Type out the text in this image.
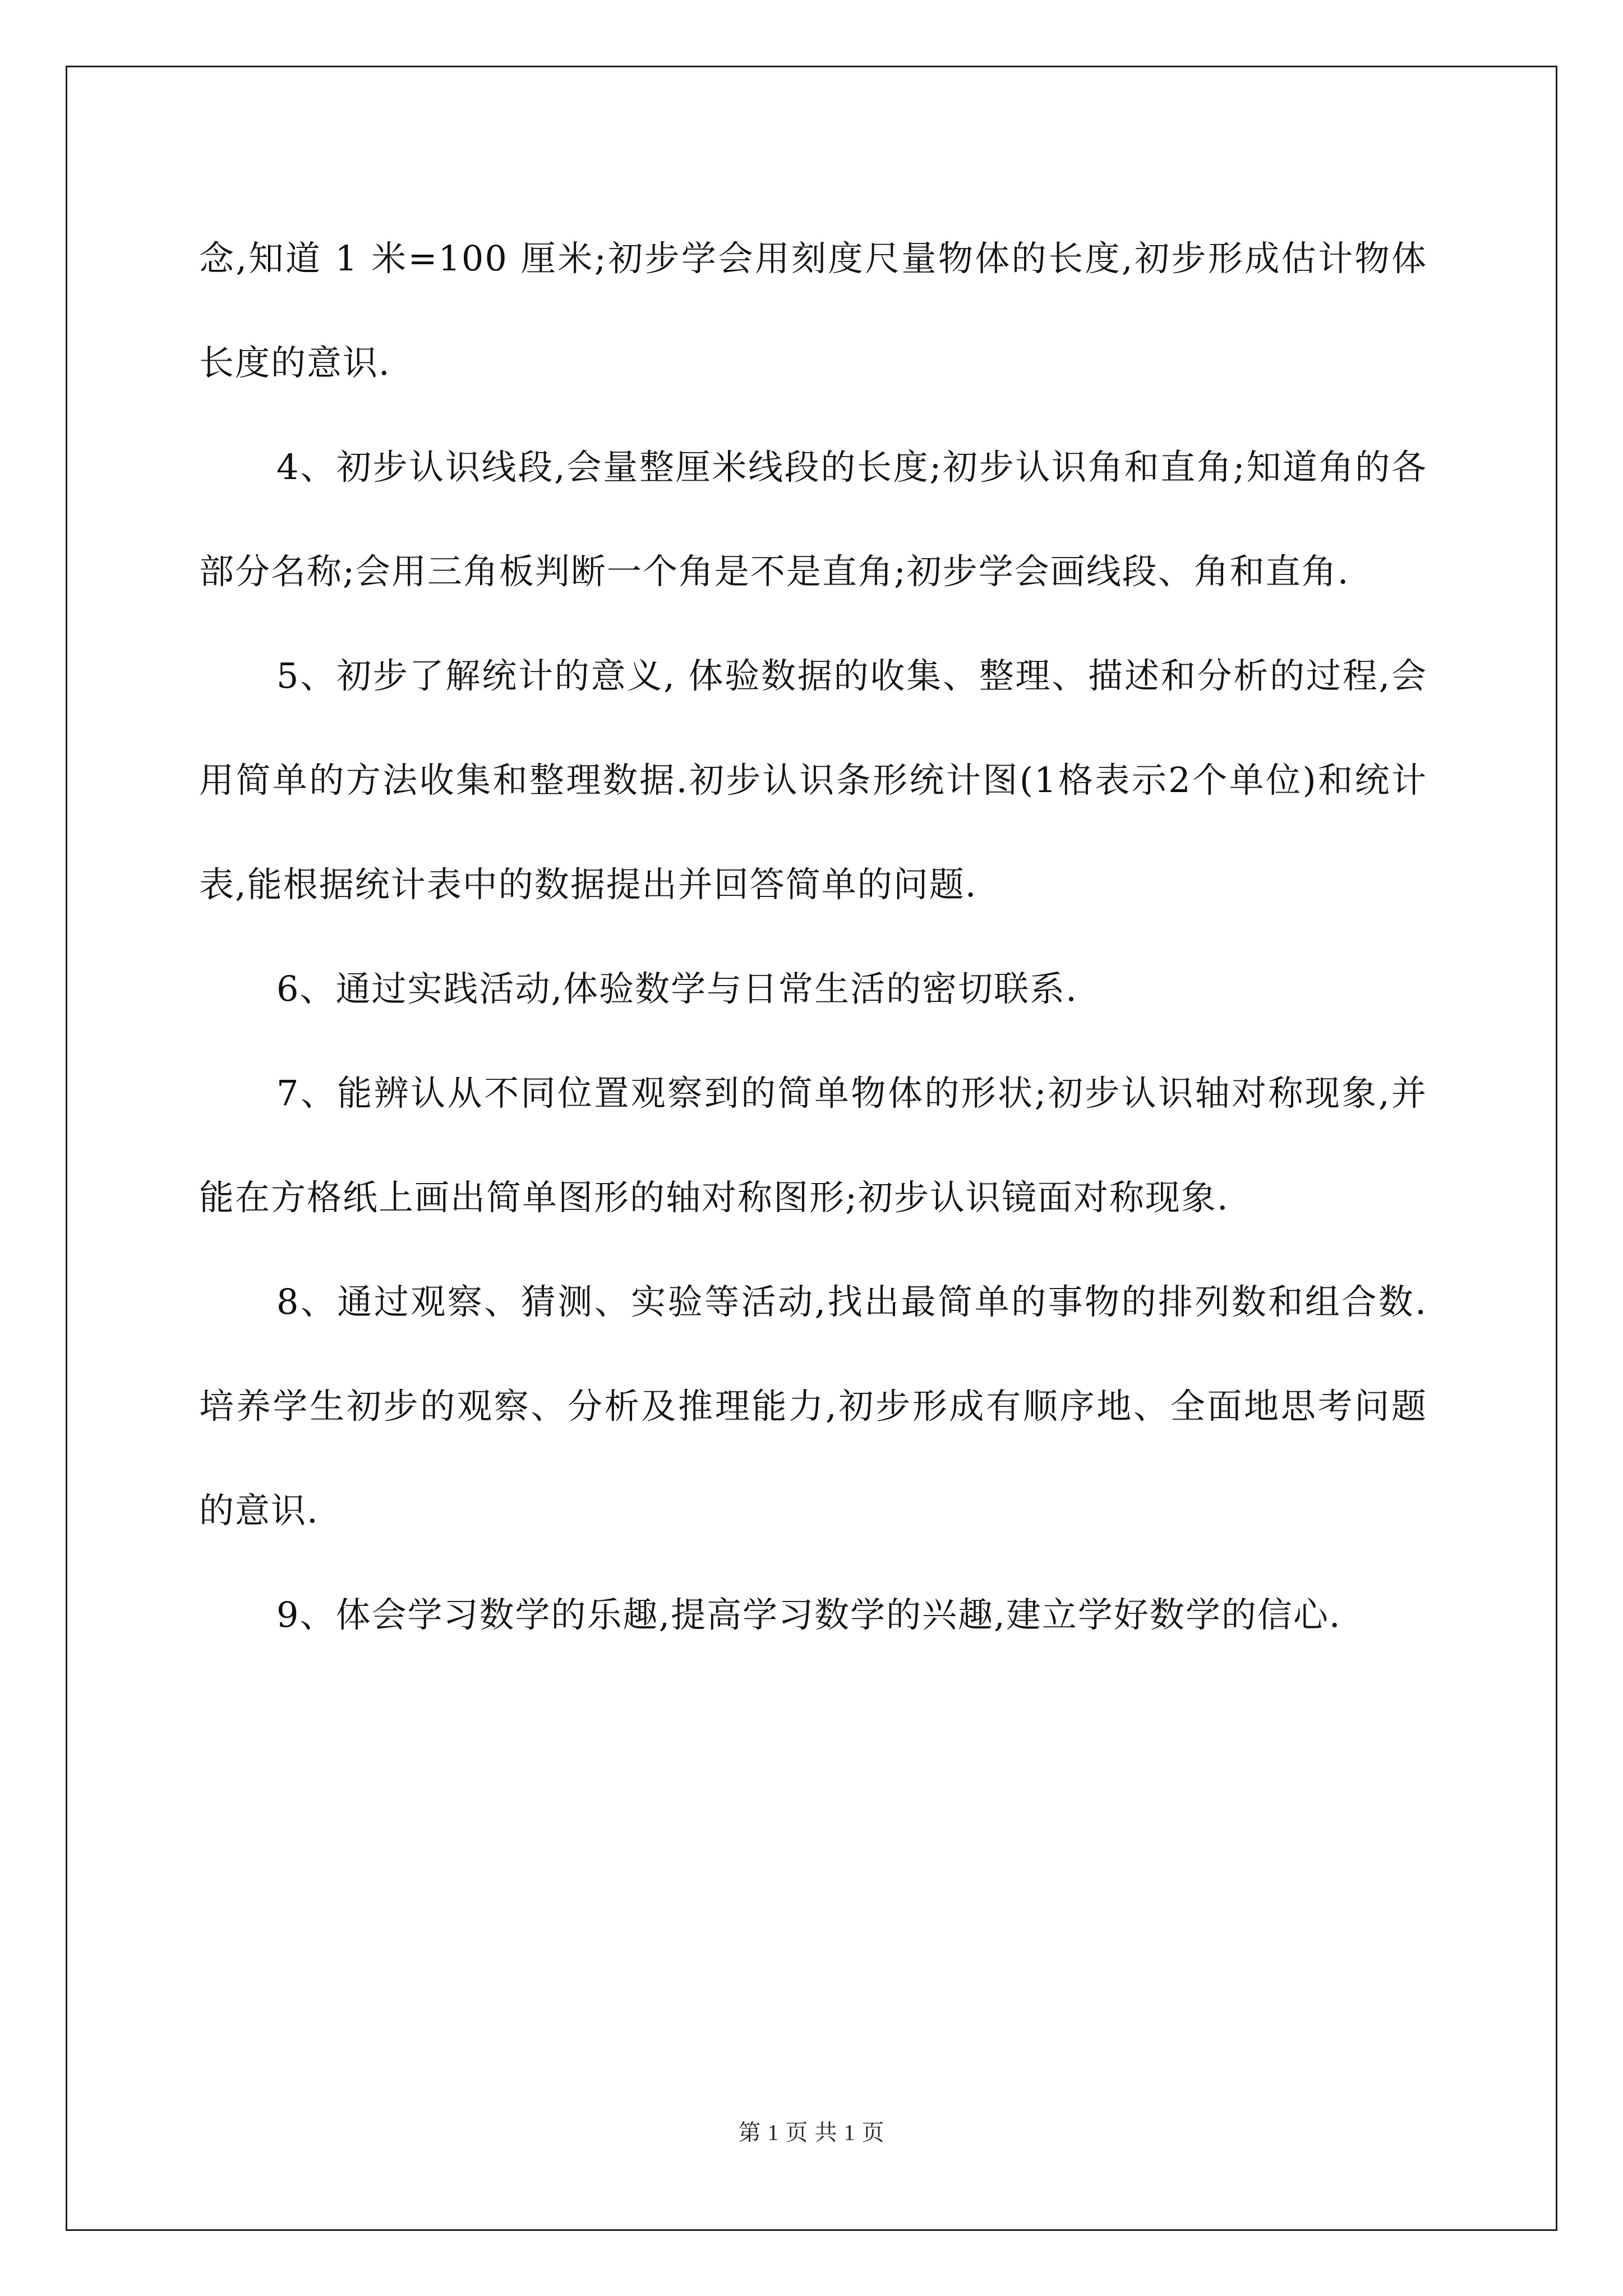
念,知道 1 米=100 厘米;初步学会用刻度尺量物体的长度,初步形成估计物体长度的意识.

4、初步认识线段,会量整厘米线段的长度;初步认识角和直角;知道角的各部分名称;会用三角板判断一个角是不是直角;初步学会画线段、角和直角.

5、初步了解统计的意义, 体验数据的收集、整理、描述和分析的过程,会用简单的方法收集和整理数据.初步认识条形统计图(1格表示2个单位)和统计表,能根据统计表中的数据提出并回答简单的问题.

6、通过实践活动,体验数学与日常生活的密切联系.

7、能辨认从不同位置观察到的简单物体的形状;初步认识轴对称现象,并能在方格纸上画出简单图形的轴对称图形;初步认识镜面对称现象.

8、通过观察、猜测、实验等活动,找出最简单的事物的排列数和组合数.培养学生初步的观察、分析及推理能力,初步形成有顺序地、全面地思考问题的意识.

9、体会学习数学的乐趣,提高学习数学的兴趣,建立学好数学的信心.

第 1 页 共 1 页
